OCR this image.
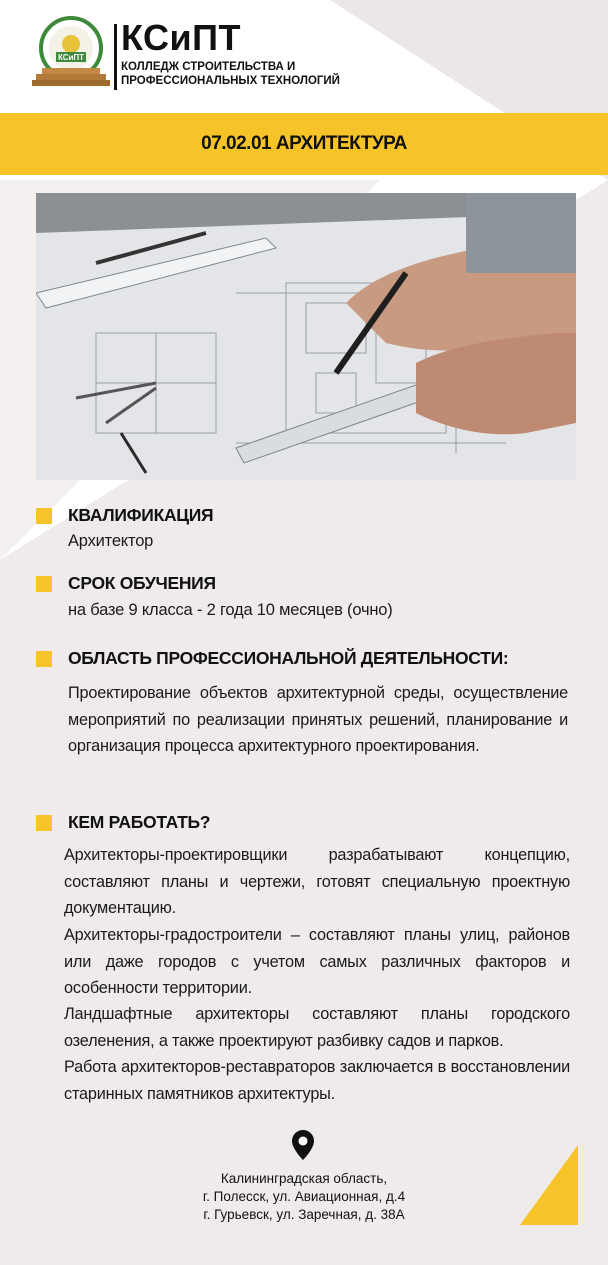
КСиПТ КСиПТ
КОЛЛЕДЖ СТРОИТЕЛЬСТВА И
ПРОФЕССИОНАЛЬНЫХ ТЕХНОЛОГИЙ
07.02.01 АРХИТЕКТУРА
КВАЛИФИКАЦИЯ
Архитектор
СРОК ОБУЧЕНИЯ
на базе 9 класса - 2 года 10 месяцев (очно)
ОБЛАСТЬ ПРОФЕССИОНАЛЬНОЙ ДЕЯТЕЛЬНОСТИ:
Проектирование объектов архитектурной среды, осуществление мероприятий по реализации принятых решений, планирование и организация процесса архитектурного проектирования.
КЕМ РАБОТАТЬ?
Архитекторы-проектировщики разрабатывают концепцию, составляют планы и чертежи, готовят специальную проектную документацию.
Архитекторы-градостроители – составляют планы улиц, районов или даже городов с учетом самых различных факторов и особенности территории.
Ландшафтные архитекторы составляют планы городского озеленения, а также проектируют разбивку садов и парков.
Работа архитекторов-реставраторов заключается в восстановлении старинных памятников архитектуры.
Калининградская область,
г. Полесск, ул. Авиационная, д.4
г. Гурьевск, ул. Заречная, д. 38А
